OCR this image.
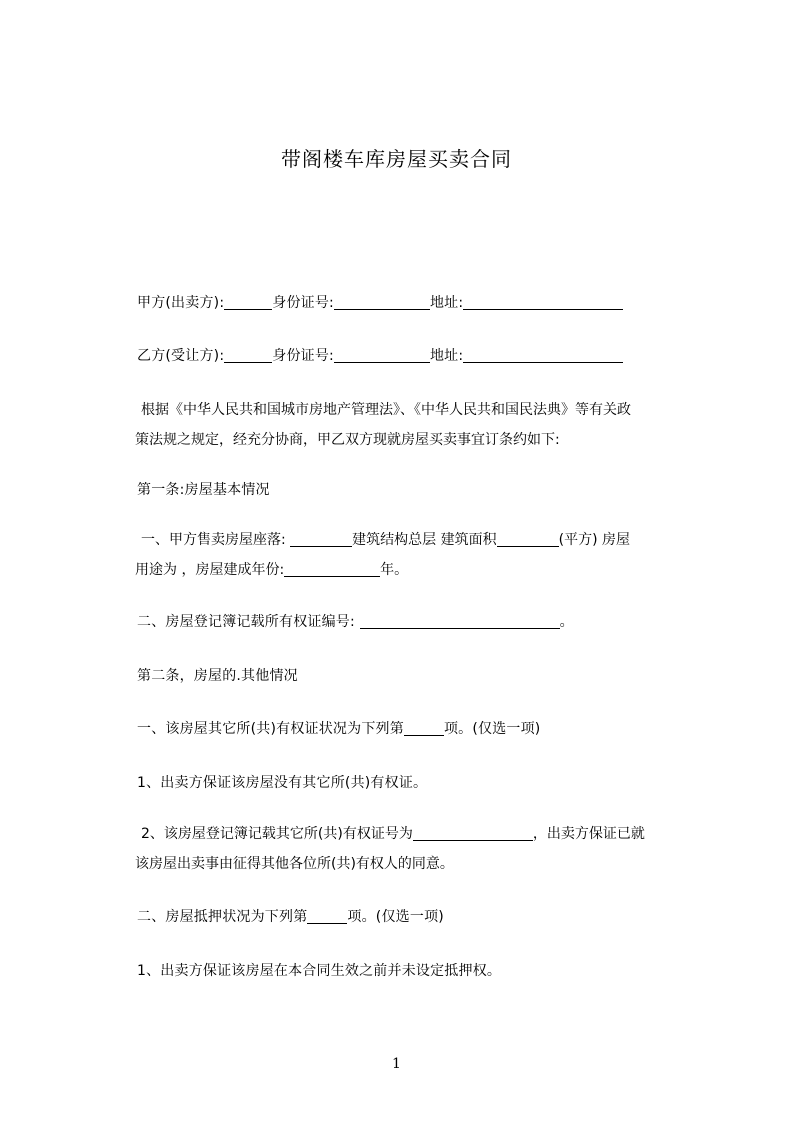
带阁楼车库房屋买卖合同
甲方(出卖方):	身份证号:	地址:
乙方(受让方):	身份证号:	地址:
根据《中华人民共和国城市房地产管理法》、《中华人民共和国民法典》等有关政
策法规之规定，经充分协商，甲乙双方现就房屋买卖事宜订条约如下:
第一条:房屋基本情况
一、甲方售卖房屋座落:	建筑结构总层 建筑面积	(平方) 房屋
用途为 ，房屋建成年份:	年。
二、房屋登记簿记载所有权证编号:	。
第二条，房屋的.其他情况
一、该房屋其它所(共)有权证状况为下列第	项。(仅选一项)
1、出卖方保证该房屋没有其它所(共)有权证。
2、该房屋登记簿记载其它所(共)有权证号为	，出卖方保证已就
该房屋出卖事由征得其他各位所(共)有权人的同意。
二、房屋抵押状况为下列第	项。(仅选一项)
1、出卖方保证该房屋在本合同生效之前并未设定抵押权。
1
